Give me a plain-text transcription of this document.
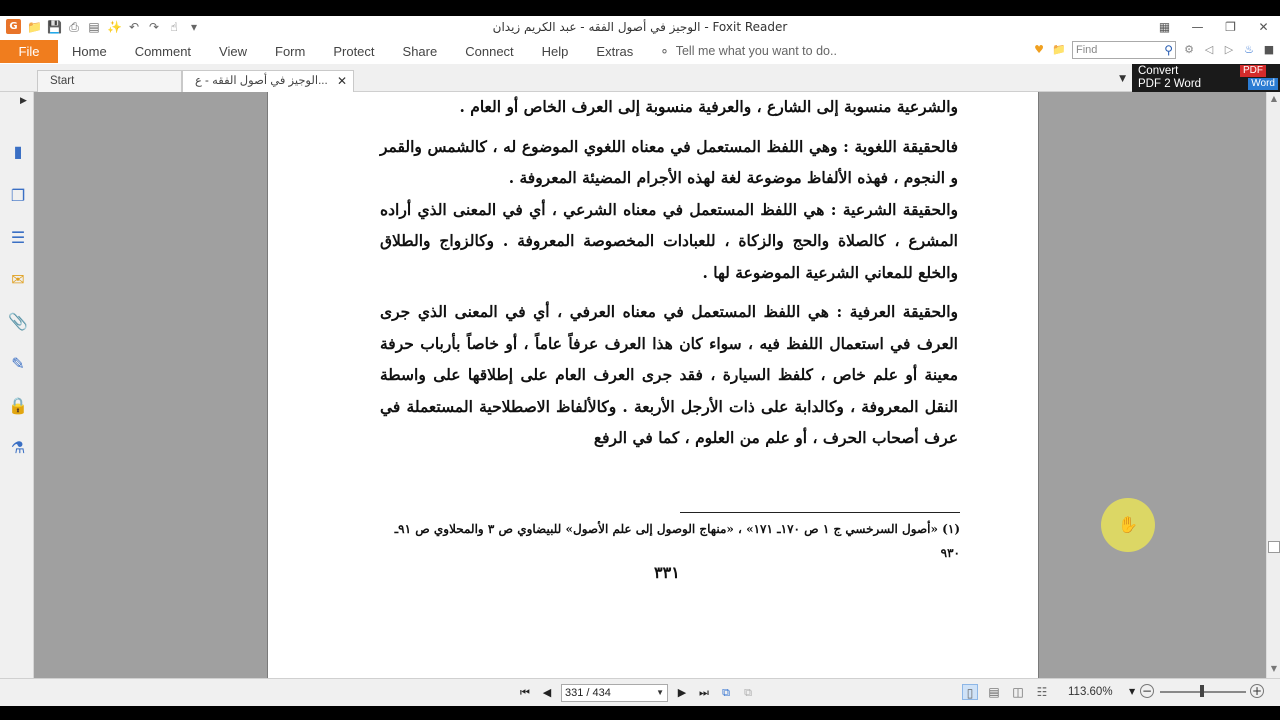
G 📁 💾 ⎙ ▤ ✨ ↶ ↷ ☝	▾	الوجيز في أصول الفقه - عبد الكريم زيدان - Foxit Reader	▦	—	❐	✕
File	Home	Comment	View	Form	Protect	Share	Connect	Help	Extras	⚬ Tell me what you want to do..	♥ 📁 Find	⚲ ⚙ ◁ ▷ ♨ ■
Start	الوجيز في أصول الفقه - ع... ✕	▼
Convert
PDF 2 Word
PDF
Word
▶
▮
❐
☰
✉
📎
✎
🔒
⚗

والشرعية منسوبة إلى الشارع ، والعرفية منسوبة إلى العرف الخاص أو العام .

فالحقيقة اللغوية : وهي اللفظ المستعمل في معناه اللغوي الموضوع له ، كالشمس والقمر و النجوم ، فهذه الألفاظ موضوعة لغة لهذه الأجرام المضيئة المعروفة .

والحقيقة الشرعية : هي اللفظ المستعمل في معناه الشرعي ، أي في المعنى الذي أراده المشرع ، كالصلاة والحج والزكاة ، للعبادات المخصوصة المعروفة . وكالزواج والطلاق والخلع للمعاني الشرعية الموضوعة لها .

والحقيقة العرفية : هي اللفظ المستعمل في معناه العرفي ، أي في المعنى الذي جرى العرف في استعمال اللفظ فيه ، سواء كان هذا العرف عرفاً عاماً ، أو خاصاً بأرباب حرفة معينة أو علم خاص ، كلفظ السيارة ، فقد جرى العرف العام على إطلاقها على واسطة النقل المعروفة ، وكالدابة على ذات الأرجل الأربعة . وكالألفاظ الاصطلاحية المستعملة في عرف أصحاب الحرف ، أو علم من العلوم ، كما في الرفع

(١) «أصول السرخسي ج ١ ص ١٧٠ـ ١٧١» ، «منهاج الوصول إلى علم الأصول» للبيضاوي ص ٣ والمحلاوي ص ٩١ـ ٩٣٠
٣٣١
✋
▲
▼
⏮	◀	331 / 434	▼	▶	⏭	⧉	⧉	▯	▤ ◫ ☷ 113.60% ▼ −	+
